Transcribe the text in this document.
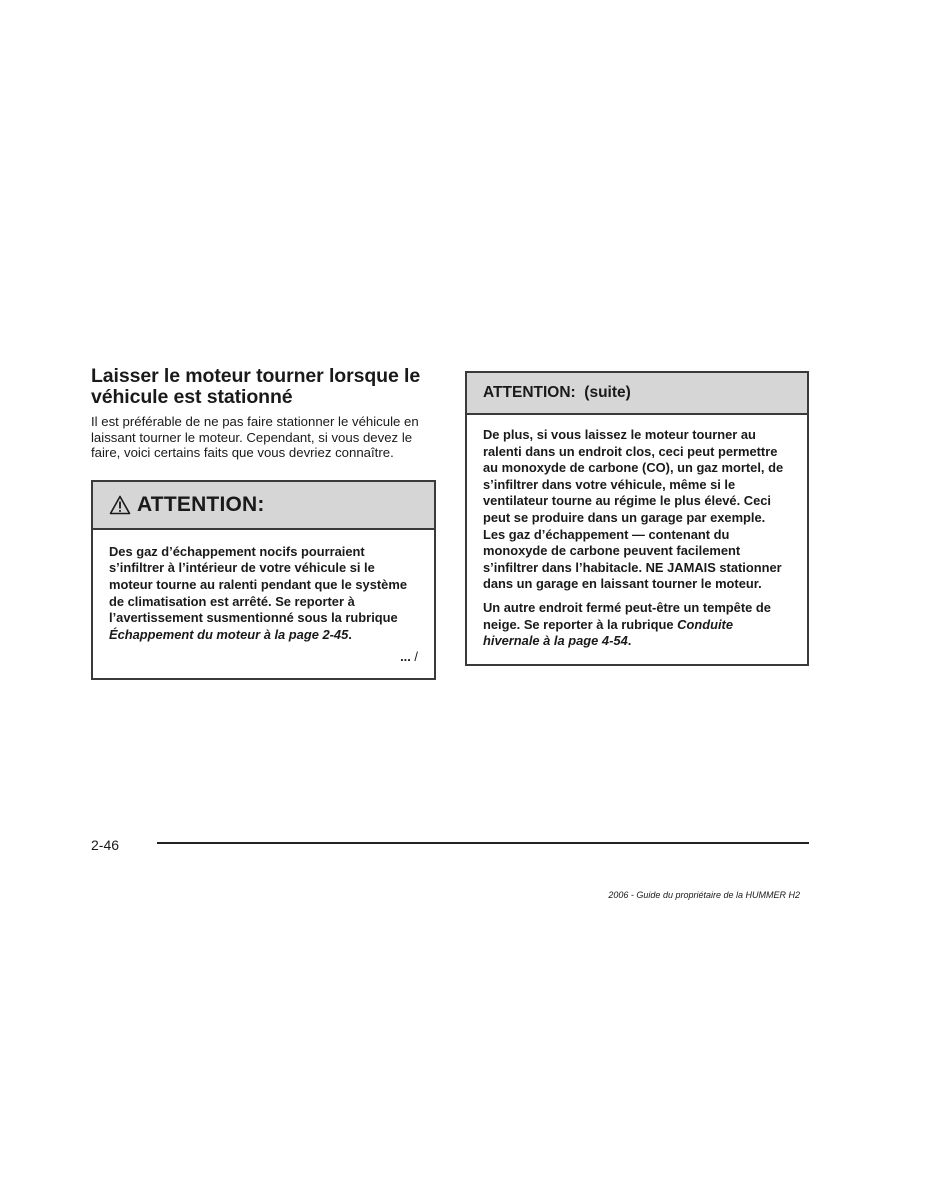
Laisser le moteur tourner lorsque le véhicule est stationné

Il est préférable de ne pas faire stationner le véhicule en laissant tourner le moteur. Cependant, si vous devez le faire, voici certains faits que vous devriez connaître.

ATTENTION:

Des gaz d’échappement nocifs pourraient s’infiltrer à l’intérieur de votre véhicule si le moteur tourne au ralenti pendant que le système de climatisation est arrêté. Se reporter à l’avertissement susmentionné sous la rubrique Échappement du moteur à la page 2-45.

... /
ATTENTION:  (suite)

De plus, si vous laissez le moteur tourner au ralenti dans un endroit clos, ceci peut permettre au monoxyde de carbone (CO), un gaz mortel, de s’infiltrer dans votre véhicule, même si le ventilateur tourne au régime le plus élevé. Ceci peut se produire dans un garage par exemple. Les gaz d’échappement — contenant du monoxyde de carbone peuvent facilement s’infiltrer dans l’habitacle. NE JAMAIS stationner dans un garage en laissant tourner le moteur.

Un autre endroit fermé peut-être un tempête de neige. Se reporter à la rubrique Conduite hivernale à la page 4-54.

2-46
2006 - Guide du propriétaire de la HUMMER H2
